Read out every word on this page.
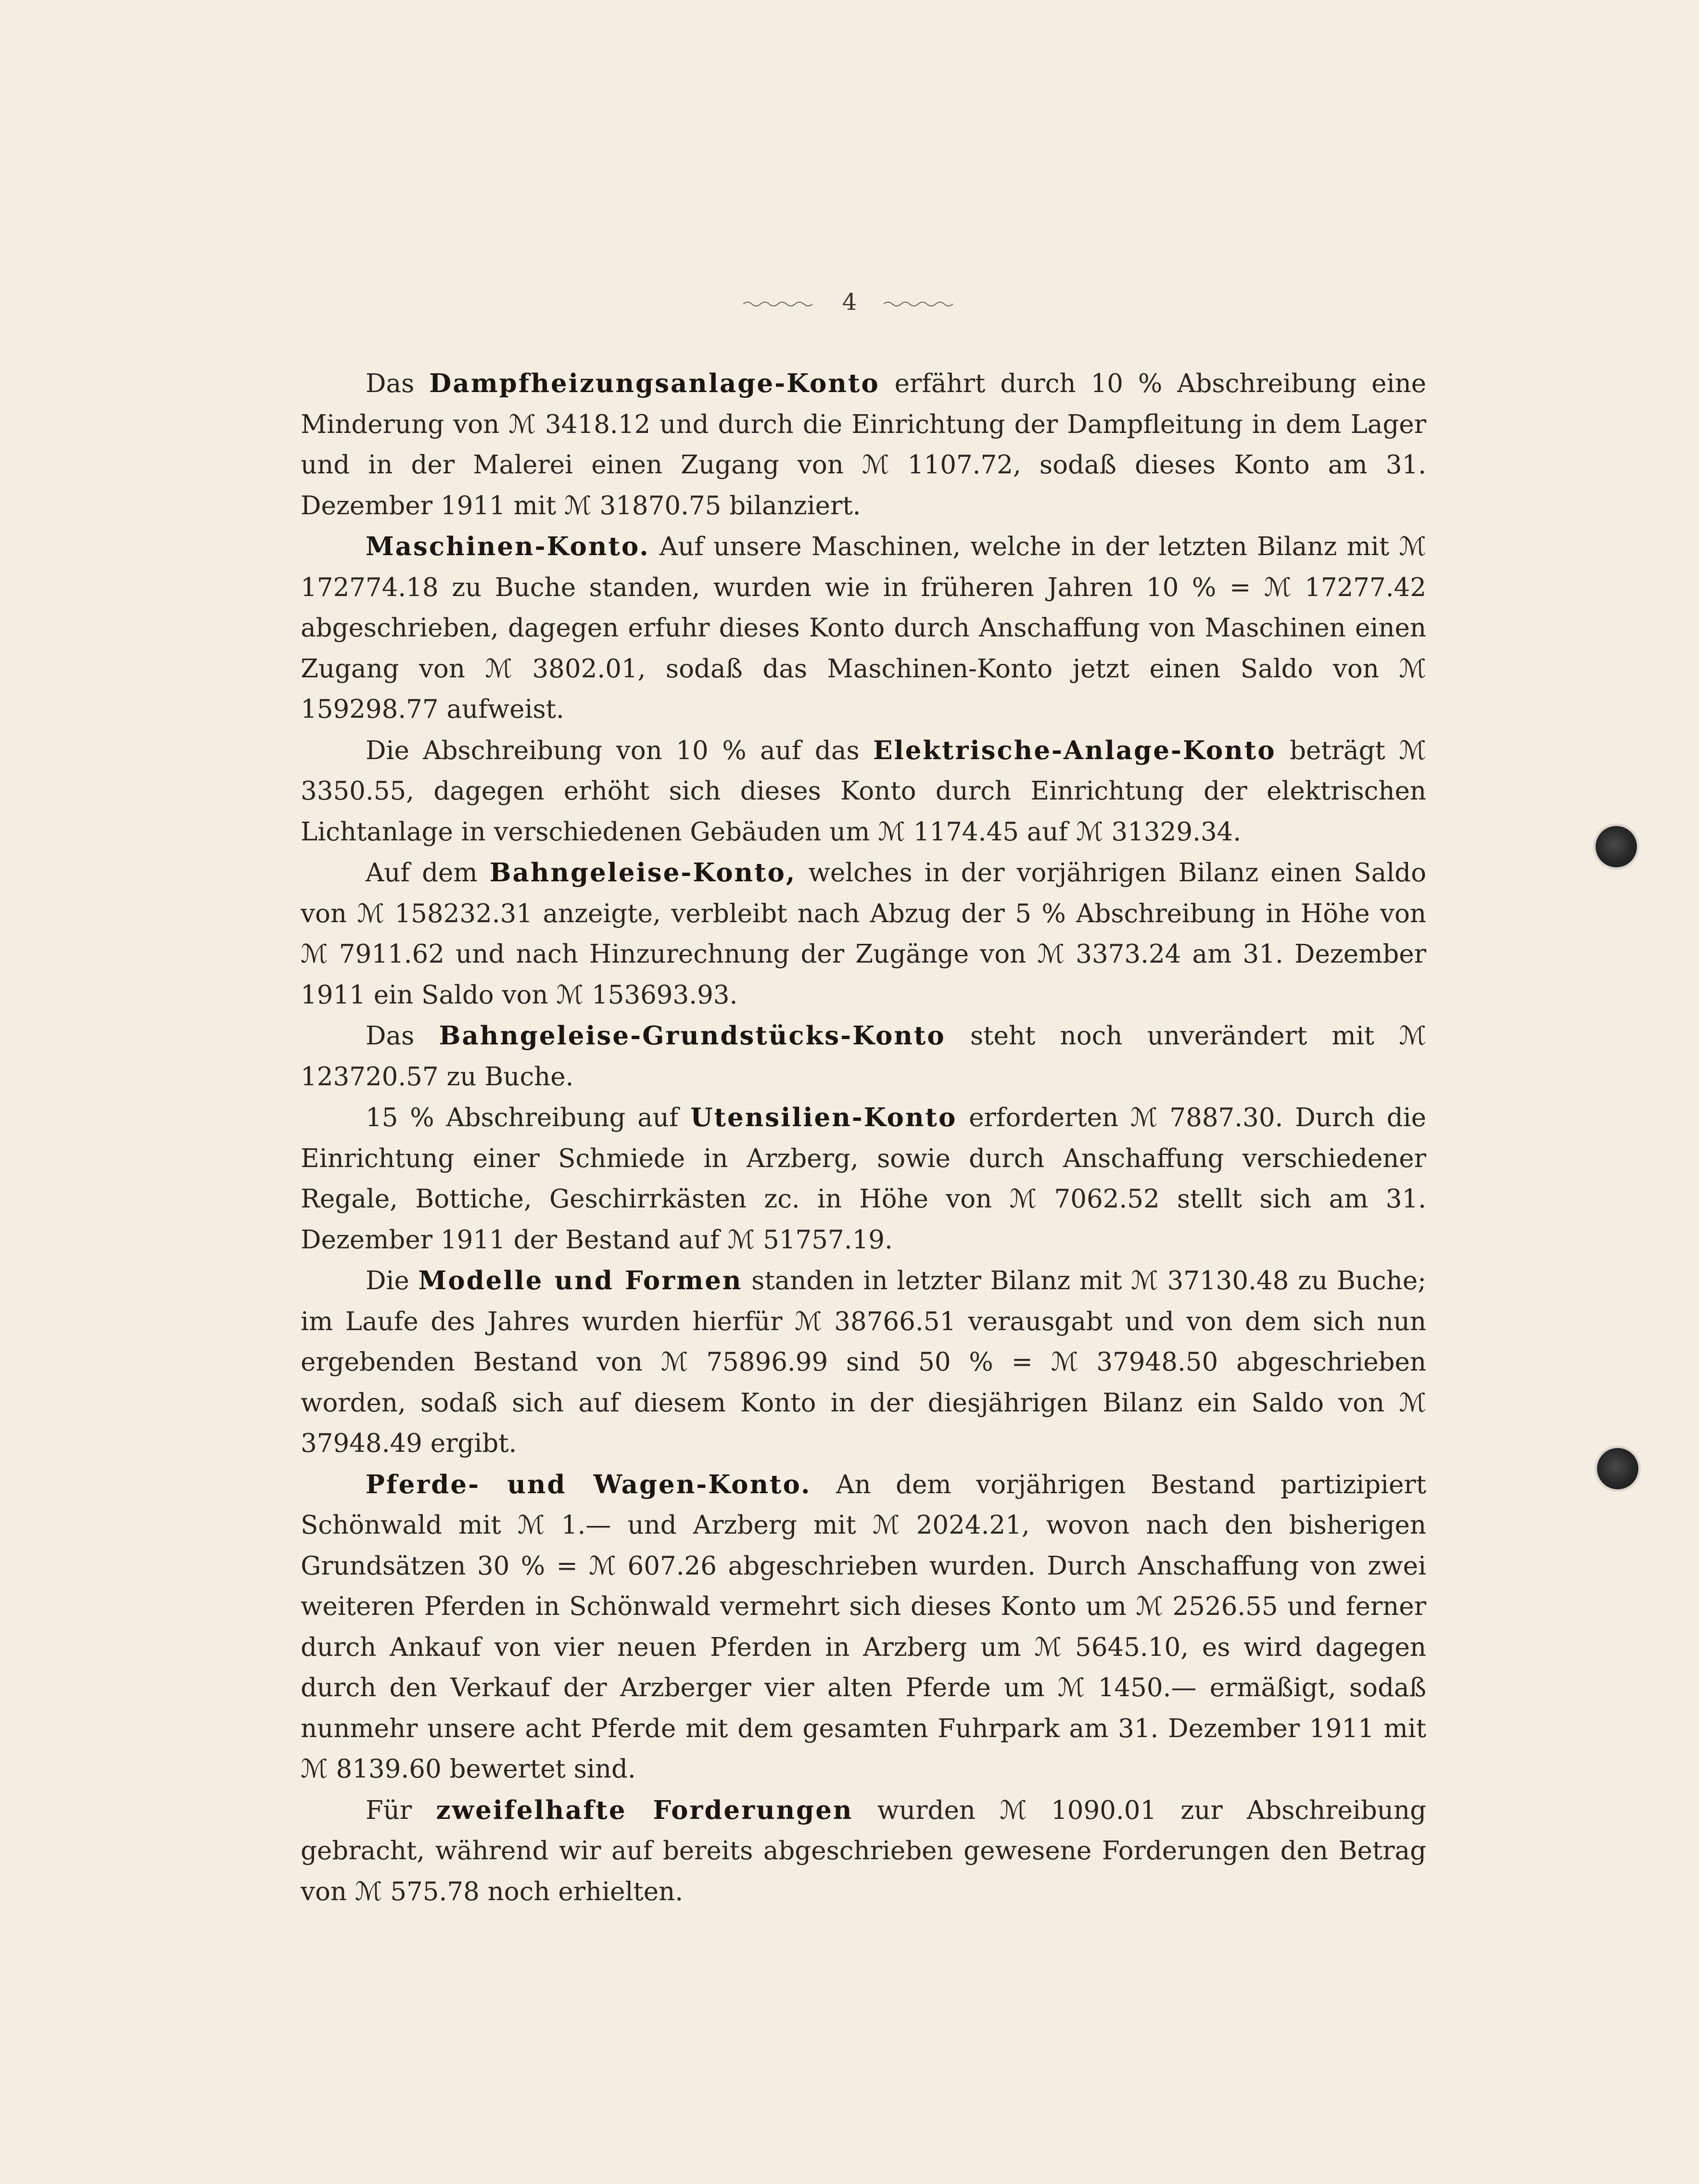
4

Das Dampfheizungsanlage-Konto erfährt durch 10 % Abschreibung eine Minderung von ℳ 3418.12 und durch die Einrichtung der Dampfleitung in dem Lager und in der Malerei einen Zugang von ℳ 1107.72, sodaß dieses Konto am 31. Dezember 1911 mit ℳ 31870.75 bilanziert.

Maschinen-Konto. Auf unsere Maschinen, welche in der letzten Bilanz mit ℳ 172774.18 zu Buche standen, wurden wie in früheren Jahren 10 % = ℳ 17277.42 abgeschrieben, dagegen erfuhr dieses Konto durch Anschaffung von Maschinen einen Zugang von ℳ 3802.01, sodaß das Maschinen-Konto jetzt einen Saldo von ℳ 159298.77 aufweist.

Die Abschreibung von 10 % auf das Elektrische-Anlage-Konto beträgt ℳ 3350.55, dagegen erhöht sich dieses Konto durch Einrichtung der elektrischen Lichtanlage in verschiedenen Gebäuden um ℳ 1174.45 auf ℳ 31329.34.

Auf dem Bahngeleise-Konto, welches in der vorjährigen Bilanz einen Saldo von ℳ 158232.31 anzeigte, verbleibt nach Abzug der 5 % Abschreibung in Höhe von ℳ 7911.62 und nach Hinzurechnung der Zugänge von ℳ 3373.24 am 31. Dezember 1911 ein Saldo von ℳ 153693.93.

Das Bahngeleise-Grundstücks-Konto steht noch unverändert mit ℳ 123720.57 zu Buche.

15 % Abschreibung auf Utensilien-Konto erforderten ℳ 7887.30. Durch die Einrichtung einer Schmiede in Arzberg, sowie durch Anschaffung verschiedener Regale, Bottiche, Geschirrkästen zc. in Höhe von ℳ 7062.52 stellt sich am 31. Dezember 1911 der Bestand auf ℳ 51757.19.

Die Modelle und Formen standen in letzter Bilanz mit ℳ 37130.48 zu Buche; im Laufe des Jahres wurden hierfür ℳ 38766.51 verausgabt und von dem sich nun ergebenden Bestand von ℳ 75896.99 sind 50 % = ℳ 37948.50 abgeschrieben worden, sodaß sich auf diesem Konto in der diesjährigen Bilanz ein Saldo von ℳ 37948.49 ergibt.

Pferde- und Wagen-Konto. An dem vorjährigen Bestand partizipiert Schönwald mit ℳ 1.— und Arzberg mit ℳ 2024.21, wovon nach den bisherigen Grundsätzen 30 % = ℳ 607.26 abgeschrieben wurden. Durch Anschaffung von zwei weiteren Pferden in Schönwald vermehrt sich dieses Konto um ℳ 2526.55 und ferner durch Ankauf von vier neuen Pferden in Arzberg um ℳ 5645.10, es wird dagegen durch den Verkauf der Arzberger vier alten Pferde um ℳ 1450.— ermäßigt, sodaß nunmehr unsere acht Pferde mit dem gesamten Fuhrpark am 31. Dezember 1911 mit ℳ 8139.60 bewertet sind.

Für zweifelhafte Forderungen wurden ℳ 1090.01 zur Abschreibung gebracht, während wir auf bereits abgeschrieben gewesene Forderungen den Betrag von ℳ 575.78 noch erhielten.
